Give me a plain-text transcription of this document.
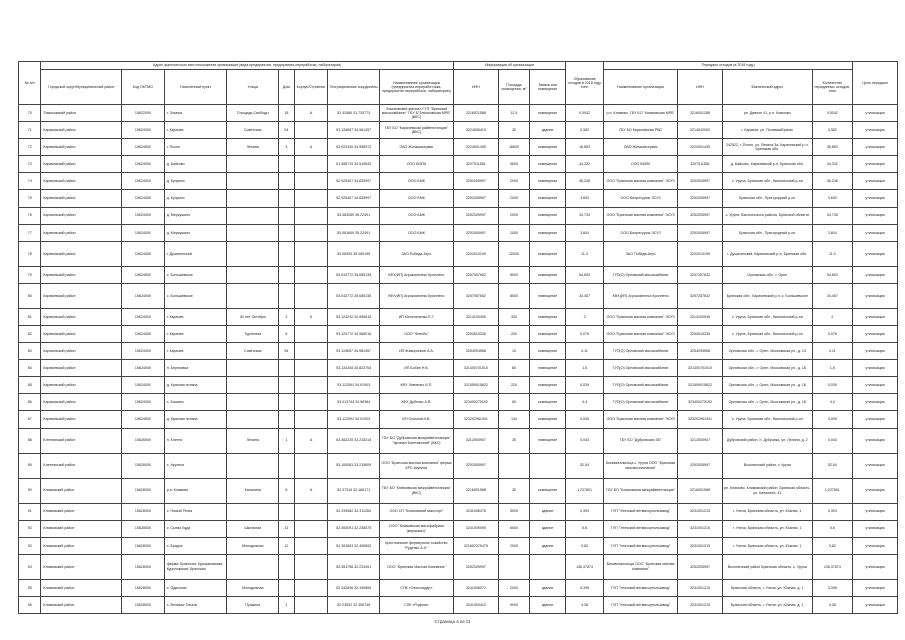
№ п/п	Адрес фактического местоположения организации (вида предприятия, предприятия переработки, лаборатории)								Информация об организации			Образование отходов в 2018 году, тонн	Передано отходов (в 2018 году)				Цель передачи
	Городской округ/Муниципальный район	Код ОКТМО	Населенный пункт	Улица	Дом	Корпус/Строение	Географические координаты	Наименование организации (предприятия-переработчика, предприятия переработки, лаборатории)	ИНН	Площадь помещения, м²	Заявки или помещение		Наименование организации	ИНН	Фактический адрес	Количество переданных отходов, тонн	
70	Злынковский район	15622000	г. Злынка	Площадь Свободы	18	А	52.42580 31.735773	Злынковский филиал ГУП "Брянский мясокомбинат" ГБУ Б"Злынковская МРБ" (ВКС)	3218021588	12,5	помещение	0,0042	р.п. Климово, ГБУ БО "Климовская МРБ"	3216001288	рп. Дивное 41, р.п. Климово	0,0042	утилизация
71	Карачевский район	15624000	г. Карачев	Советская	54		53.126657 34.981457	ГБУ БО "Карачевская райветстанция" (ВКС)	3224005410	30	здание	0,382	ГБУ БО Карачевская РВС	3214042002	г. Карачев, ул. Полевая/Брянск	0,382	утилизация
72	Карачевский район	15624000	г. Почеп	Ленина	3	А	53.022439 34.958972	ОАО Жилкомсервис	3224001405	16600	помещение	16,853	ОАО Жилкомсервис	3224001405	242522, г. Почеп, ул. Ленина 3а, Карачевский р-н, Брянская обл.	38,853	утилизация
73	Карачевский район	15624000	д. Байково				51.088719 34.510643	ООО БМПК	3207011581	5600	помещение	44,332	ООО БМПК	3207011581	д. Байково, Карачевский р-н, Брянская обл.	44,332	утилизация
74	Карачевский район	15624000	д. Куприно				52.925407 34.835997	ООО БМК	3252005997	2000	помещение	36,248	ООО "Брянская мясная компания" ЭСУЗ	3252005997	с. Урупа, Брянская обл., Выгоничский р-он	36,248	утилизация
75	Карачевский район	15624000	д. Куприно				52.925407 34.835997	ООО БМК	3252005997	2000	помещение	3,693	ООО Биоресурсы ЭСУЗ	3252005997	Брянская обл., Пригородный р-он	3,693	утилизация
76	Карачевский район	15624000	д. Меркушино				53.063269 35.22491	ООО БМК	3252005997	2000	помещение	34,733	ООО "Брянская мясная компания" ЭСУЗ	3252005997	с. Урупа, Выгоничского района, Брянской области	34,735	утилизация
77	Карачевский район	15624000	д. Меркушино				53.081609 35.22491	ООО БМК	3252005997	2000	помещение	3,604	ООО Биоресурсы ЭСУЗ	3252005997	Брянская обл., Пригородный р-он	3,604	утилизация
78	Карачевский район	15624000	г. Душатинский				53.06993 35.160199	ЗАО Победа-Агро	3202010199	10000	помещение	11,3	ЗАО Победа-Агро	3202010199	г. Душатинский, Карачевский р-н, Брянская обл.	11,3	утилизация
79	Карачевский район	15624000	с. Большевское				53.043772 35.085135	КФХ(ИП) Агрокомплекс Кроплено	3257057652	8000	помещение	54,653	ГУП(О) Орловский мясокомбинат	3257257632	Орловская обл., г. Орел	54,653	утилизация
80	Карачевский район	15624000	с. Большевское				53.043772 35.085135	КФХ(ИП) Агрокомплекс Кроплено	3257057652	8000	помещение	34,457	КФХ(ИП) Агрокомплекс Кроплено	3257257632	Брянская обл., Карачевский р-н, с. Большевское	34,457	утилизация
81	Карачевский район	15624000	г. Карачев	50 лет Октября	2	К	53.123242 34.956615	ИП Мельниченко Е.Г.	3214100495	330	помещение	2	ООО "Брянская мясная компания" ЭСУЗ	3214100545	с. Урупа, Брянская обл., Выгоничский р-он	2	утилизация
82	Карачевский район	15624000	г. Карачев	Тургенева	6		53.120772 34.968016	ООО "Фитобо"	3254515336	200	помещение	0,076	ООО "Брянская мясная компания" ЭСУЗ	3254515336	с. Урупа, Брянская обл., Выгоничский р-он	0,076	утилизация
83	Карачевский район	15624000	г. Карачев	Советская	54		53.119657 34.981457	ИП Жаворонков А.А.	3254093568	10	помещение	0,11	ГУП(О) Орловский мясокомбинат	3254093568	Орловская обл., г. Орел, Московская ул., д. 13	0,11	утилизация
84	Карачевский район	15624000	п. Березовка				53.134208 34.823704	ИП Бобин Н.В.	321400701510	60	помещение	1,5	ГУП(О) Орловский мясокомбинат	321400701510	Орловская обл., г. Орел, Московская ул., д. 18	1,5	утилизация
85	Карачевский район	15624000	д. Красная поляна				53.112591 34.91903	КФХ Левченко И.П.	321559015622	220	помещение	0,039	ГУП(О) Орловский мясокомбинат	321559015622	Орловская обл., г. Орел, Московская ул., д. 18	0,039	утилизация
86	Карачевский район	15624000	с. Бошино				53.013744 34.98384	КФХ Дубенко А.В.	323400275192	60	помещение	4,4	ГУП(О) Орловский мясокомбинат	323400275192	Орловская обл., г. Орел, Московская ул., д. 18	4,4	утилизация
87	Карачевский район	15624000	д. Красная поляна				53.112591 34.91903	ИП Ососков И.В.	323202961941	134	помещение	0,005	ООО "Брянская мясная компания" ЭСУЗ	323202961941	с. Урупа, Брянская обл., Выгоничский р-он	0,005	утилизация
88	Клетнянский район	15626000	п. Клетня	Ленина	1	А	53.382235 33.215214	ГБУ БО "Дубровская межрайветстанция" "филиал Клетнянский" (ВКС)	3212000907	25	помещение	0,043	ГБУ БО "Дубровская ЗБ"	3212000907	Дубровский район, п. Дубровка, ул. Ленина, д. 2	0,043	утилизация
89	Клетнянский район	15626000	с. Акуличи				53.100083 33.215609	ООО "Брянская мясная компания" ферма КРС Акуличи	3252005997			52,54	Биоквитальньца с. Урупа ООО "Брянская мясная компания"	3252005997	Выгоничский район, с Урупа	52,54	утилизация
90	Климовский район	15628000	р.п. Климово	Калинина	6	А	52.37316 32.188171	ГБУ БО "Климовская межрайветстанция" (ВКС)	3216001588	30	помещение	1,237801	ГБУ БО "Климовская межрайветстанция"	3216001588	рп. Климово, Климовский район, Брянская область, ул. Калинина, 41	1,237801	утилизация
91	Климовский район	15628000	с. Новый Ропск				52.299582 32.311284	ООО СП "Климовский мясоторг"	3241006376	5000	здание	0,393	ГУП "Унечский ветмясоутильзавод"	3231001215	г. Унеча, Брянская область, ул. Южная, 1	0,393	утилизация
92	Климовский район	15628000	с. Сытая Буда	Школьная	11		52.400091 32.236575	ООО "Климовская мясофабрика (мершамо)"	3241009090	6000	здание	0,6	ГУП "Унечский ветмясоутильзавод"	3231001215	г. Унеча, Брянская область, ул. Южная, 1	0,6	утилизация
93	Климовский район	15628000	с. Брядок	Молодежная	12		52.302893 32.490605	Крестьянское фермерское хозяйство "Руденко А.Н."	321602379475	2000	здание	0,83	ГУП "Унечский ветмясоутильзавод"	3231001215	г. Унеча, Брянская область, ул. Южная, 1	0,83	утилизация
94	Климовский район	15628000	ферма: Брянская; Куршимовская; Куриловская; Брянская				52.353798 32.233491	ООО "Брянская Мясная Компания"	3252005997			136,37874	Биоквитальньца ООО "Брянская мясная компания"	3252005997	Выгоничский район Брянская область, с. Урупа	136,37874	утилизация
95	Климовский район	15628000	с. Одинские	Молодежная			52.342846 32.190806	СПК «Сельхоздар»	3241006072	2000	здание	0,395	ГУП "Унечский ветмясоутильзавод"	3231001215	Брянская область, г. Унеча, ул. Южная, д. 1	0,395	утилизация
96	Климовский район	15628000	с. Великая Топаль	Пушкина	1		52.23532 32.306745	СПК «Родина»	3241009413	9000	здание	4,38	ГУП "Унечский ветмясоутильзавод"	3231001215	Брянская область, г. Унеча, ул. Южная, д. 1	4,38	утилизация
Страница 4 из 11
